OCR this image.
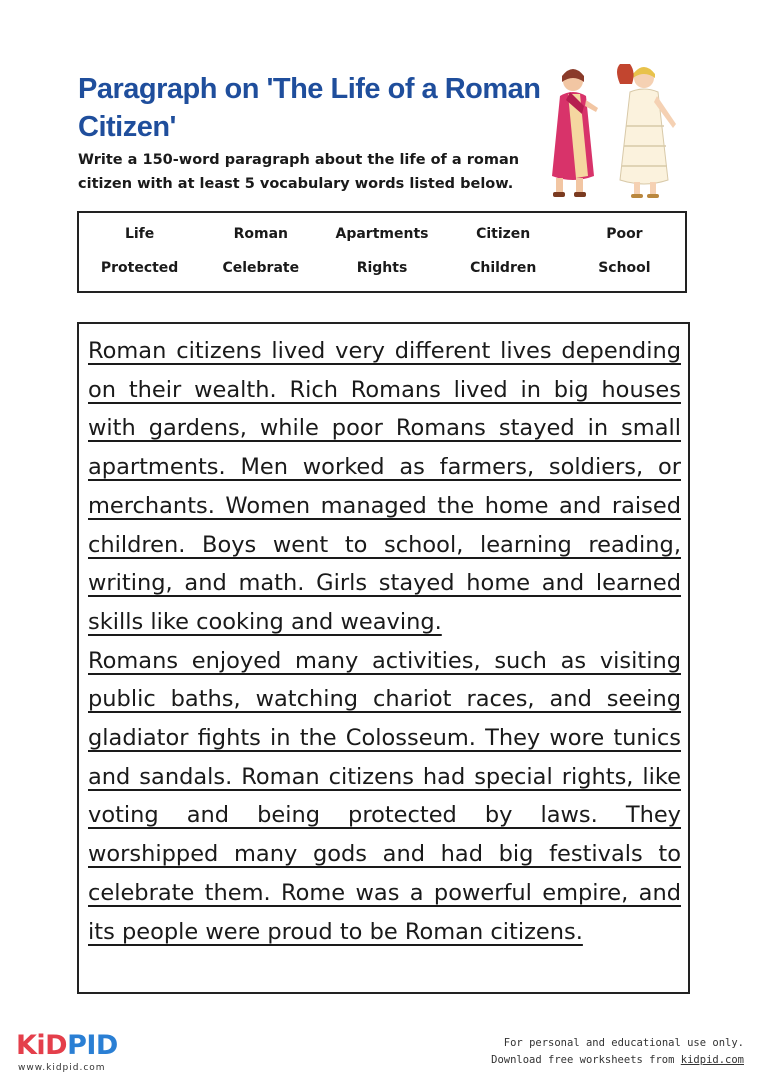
Paragraph on 'The Life of a Roman Citizen'
Write a 150-word paragraph about the life of a roman citizen with at least 5 vocabulary words listed below.
Life	Roman	Apartments	Citizen	Poor
Protected	Celebrate	Rights	Children	School

Roman citizens lived very different lives depending on their wealth. Rich Romans lived in big houses with gardens, while poor Romans stayed in small apartments. Men worked as farmers, soldiers, or merchants. Women managed the home and raised children. Boys went to school, learning reading, writing, and math. Girls stayed home and learned skills like cooking and weaving.

Romans enjoyed many activities, such as visiting public baths, watching chariot races, and seeing gladiator fights in the Colosseum. They wore tunics and sandals. Roman citizens had special rights, like voting and being protected by laws. They worshipped many gods and had big festivals to celebrate them. Rome was a powerful empire, and its people were proud to be Roman citizens.

KiDPID
www.kidpid.com
For personal and educational use only.
Download free worksheets from kidpid.com
